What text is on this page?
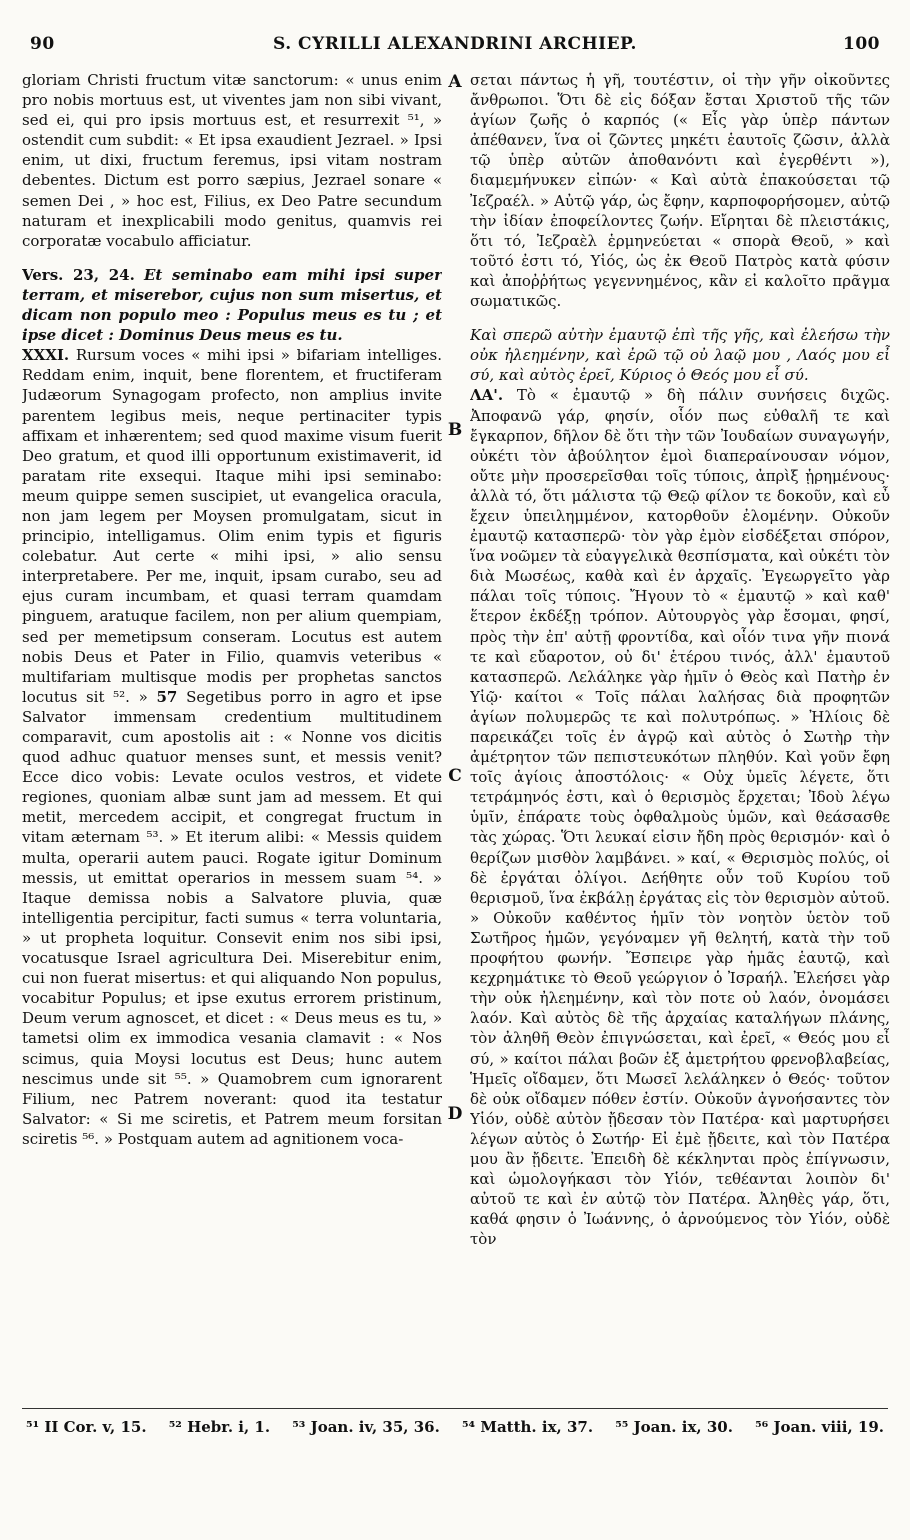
90	S. CYRILLI ALEXANDRINI ARCHIEP.	100

gloriam Christi fructum vitæ sanctorum: « unus enim pro nobis mortuus est, ut viventes jam non sibi vivant, sed ei, qui pro ipsis mortuus est, et resurrexit ⁵¹, » ostendit cum subdit: « Et ipsa exaudient Jezrael. » Ipsi enim, ut dixi, fructum feremus, ipsi vitam nostram debentes. Dictum est porro sæpius, Jezrael sonare « semen Dei , » hoc est, Filius, ex Deo Patre secundum naturam et inexplicabili modo genitus, quamvis rei corporatæ vocabulo afficiatur.

Vers. 23, 24. Et seminabo eam mihi ipsi super terram, et miserebor, cujus non sum misertus, et dicam non populo meo : Populus meus es tu ; et ipse dicet : Dominus Deus meus es tu.

XXXI. Rursum voces « mihi ipsi » bifariam intelliges. Reddam enim, inquit, bene florentem, et fructiferam Judæorum Synagogam profecto, non amplius invite parentem legibus meis, neque pertinaciter typis affixam et inhærentem; sed quod maxime visum fuerit Deo gratum, et quod illi opportunum existimaverit, id paratam rite exsequi. Itaque mihi ipsi seminabo: meum quippe semen suscipiet, ut evangelica oracula, non jam legem per Moysen promulgatam, sicut in principio, intelligamus. Olim enim typis et figuris colebatur. Aut certe « mihi ipsi, » alio sensu interpretabere. Per me, inquit, ipsam curabo, seu ad ejus curam incumbam, et quasi terram quamdam pinguem, aratuque facilem, non per alium quempiam, sed per memetipsum conseram. Locutus est autem nobis Deus et Pater in Filio, quamvis veteribus « multifariam multisque modis per prophetas sanctos locutus sit ⁵². » 57 Segetibus porro in agro et ipse Salvator immensam credentium multitudinem comparavit, cum apostolis ait : « Nonne vos dicitis quod adhuc quatuor menses sunt, et messis venit? Ecce dico vobis: Levate oculos vestros, et videte regiones, quoniam albæ sunt jam ad messem. Et qui metit, mercedem accipit, et congregat fructum in vitam æternam ⁵³. » Et iterum alibi: « Messis quidem multa, operarii autem pauci. Rogate igitur Dominum messis, ut emittat operarios in messem suam ⁵⁴. » Itaque demissa nobis a Salvatore pluvia, quæ intelligentia percipitur, facti sumus « terra voluntaria, » ut propheta loquitur. Consevit enim nos sibi ipsi, vocatusque Israel agricultura Dei. Miserebitur enim, cui non fuerat misertus: et qui aliquando Non populus, vocabitur Populus; et ipse exutus errorem pristinum, Deum verum agnoscet, et dicet : « Deus meus es tu, » tametsi olim ex immodica vesania clamavit : « Nos scimus, quia Moysi locutus est Deus; hunc autem nescimus unde sit ⁵⁵. » Quamobrem cum ignorarent Filium, nec Patrem noverant: quod ita testatur Salvator: « Si me sciretis, et Patrem meum forsitan sciretis ⁵⁶. » Postquam autem ad agnitionem voca-

A
B
C
D

σεται πάντως ἡ γῆ, τουτέστιν, οἱ τὴν γῆν οἰκοῦντες ἄνθρωποι. Ὅτι δὲ εἰς δόξαν ἔσται Χριστοῦ τῆς τῶν ἁγίων ζωῆς ὁ καρπός (« Εἷς γὰρ ὑπὲρ πάντων ἀπέθανεν, ἵνα οἱ ζῶντες μηκέτι ἑαυτοῖς ζῶσιν, ἀλλὰ τῷ ὑπὲρ αὐτῶν ἀποθανόντι καὶ ἐγερθέντι »), διαμεμήνυκεν εἰπών· « Καὶ αὐτὰ ἐπακούσεται τῷ Ἰεζραέλ. » Αὐτῷ γάρ, ὡς ἔφην, καρποφορήσομεν, αὐτῷ τὴν ἰδίαν ἐποφείλοντες ζωήν. Εἴρηται δὲ πλειστάκις, ὅτι τό, Ἰεζραὲλ ἑρμηνεύεται « σπορὰ Θεοῦ, » καὶ τοῦτό ἐστι τό, Υἱός, ὡς ἐκ Θεοῦ Πατρὸς κατὰ φύσιν καὶ ἀποῤῥήτως γεγεννημένος, κἂν εἰ καλοῖτο πρᾶγμα σωματικῶς.

Καὶ σπερῶ αὐτὴν ἐμαυτῷ ἐπὶ τῆς γῆς, καὶ ἐλεήσω τὴν οὐκ ἠλεημένην, καὶ ἐρῶ τῷ οὐ λαῷ μου , Λαός μου εἶ σύ, καὶ αὐτὸς ἐρεῖ, Κύριος ὁ Θεός μου εἶ σύ.

ΛΑ'. Τὸ « ἐμαυτῷ » δὴ πάλιν συνήσεις διχῶς. Ἀποφανῶ γάρ, φησίν, οἷόν πως εὐθαλῆ τε καὶ ἔγκαρπον, δῆλον δὲ ὅτι τὴν τῶν Ἰουδαίων συναγωγήν, οὐκέτι τὸν ἀβούλητον ἐμοὶ διαπεραίνουσαν νόμον, οὔτε μὴν προσερεῖσθαι τοῖς τύποις, ἀπρὶξ ᾑρημένους· ἀλλὰ τό, ὅτι μάλιστα τῷ Θεῷ φίλον τε δοκοῦν, καὶ εὖ ἔχειν ὑπειλημμένον, κατορθοῦν ἐλομένην. Οὐκοῦν ἐμαυτῷ κατασπερῶ· τὸν γὰρ ἐμὸν εἰσδέξεται σπόρον, ἵνα νοῶμεν τὰ εὐαγγελικὰ θεσπίσματα, καὶ οὐκέτι τὸν διὰ Μωσέως, καθὰ καὶ ἐν ἀρχαῖς. Ἐγεωργεῖτο γὰρ πάλαι τοῖς τύποις. Ἤγουν τὸ « ἐμαυτῷ » καὶ καθ' ἕτερον ἐκδέξῃ τρόπον. Αὐτουργὸς γὰρ ἔσομαι, φησί, πρὸς τὴν ἐπ' αὐτῇ φροντίδα, καὶ οἷόν τινα γῆν πιονά τε καὶ εὔαροτον, οὐ δι' ἑτέρου τινός, ἀλλ' ἐμαυτοῦ κατασπερῶ. Λελάληκε γὰρ ἡμῖν ὁ Θεὸς καὶ Πατὴρ ἐν Υἱῷ· καίτοι « Τοῖς πάλαι λαλήσας διὰ προφητῶν ἁγίων πολυμερῶς τε καὶ πολυτρόπως. » Ἠλίοις δὲ παρεικάζει τοῖς ἐν ἀγρῷ καὶ αὐτὸς ὁ Σωτὴρ τὴν ἀμέτρητον τῶν πεπιστευκότων πληθύν. Καὶ γοῦν ἔφη τοῖς ἁγίοις ἀποστόλοις· « Οὐχ ὑμεῖς λέγετε, ὅτι τετράμηνός ἐστι, καὶ ὁ θερισμὸς ἔρχεται; Ἰδοὺ λέγω ὑμῖν, ἐπάρατε τοὺς ὀφθαλμοὺς ὑμῶν, καὶ θεάσασθε τὰς χώρας. Ὅτι λευκαί εἰσιν ἤδη πρὸς θερισμόν· καὶ ὁ θερίζων μισθὸν λαμβάνει. » καί, « Θερισμὸς πολύς, οἱ δὲ ἐργάται ὀλίγοι. Δεήθητε οὖν τοῦ Κυρίου τοῦ θερισμοῦ, ἵνα ἐκβάλῃ ἐργάτας εἰς τὸν θερισμὸν αὐτοῦ. » Οὐκοῦν καθέντος ἡμῖν τὸν νοητὸν ὑετὸν τοῦ Σωτῆρος ἡμῶν, γεγόναμεν γῆ θελητή, κατὰ τὴν τοῦ προφήτου φωνήν. Ἔσπειρε γὰρ ἡμᾶς ἑαυτῷ, καὶ κεχρημάτικε τὸ Θεοῦ γεώργιον ὁ Ἰσραήλ. Ἐλεήσει γὰρ τὴν οὐκ ἠλεημένην, καὶ τὸν ποτε οὐ λαόν, ὀνομάσει λαόν. Καὶ αὐτὸς δὲ τῆς ἀρχαίας καταλήγων πλάνης, τὸν ἀληθῆ Θεὸν ἐπιγνώσεται, καὶ ἐρεῖ, « Θεός μου εἶ σύ, » καίτοι πάλαι βοῶν ἐξ ἀμετρήτου φρενοβλαβείας, Ἡμεῖς οἴδαμεν, ὅτι Μωσεῖ λελάληκεν ὁ Θεός· τοῦτον δὲ οὐκ οἴδαμεν πόθεν ἐστίν. Οὐκοῦν ἀγνοήσαντες τὸν Υἱόν, οὐδὲ αὐτὸν ᾔδεσαν τὸν Πατέρα· καὶ μαρτυρήσει λέγων αὐτὸς ὁ Σωτήρ· Εἰ ἐμὲ ᾔδειτε, καὶ τὸν Πατέρα μου ἂν ᾔδειτε. Ἐπειδὴ δὲ κέκληνται πρὸς ἐπίγνωσιν, καὶ ὡμολογήκασι τὸν Υἱόν, τεθέανται λοιπὸν δι' αὐτοῦ τε καὶ ἐν αὐτῷ τὸν Πατέρα. Ἀληθὲς γάρ, ὅτι, καθά φησιν ὁ Ἰωάννης, ὁ ἀρνούμενος τὸν Υἱόν, οὐδὲ τὸν

⁵¹ II Cor. v, 15. ⁵² Hebr. i, 1. ⁵³ Joan. iv, 35, 36. ⁵⁴ Matth. ix, 37. ⁵⁵ Joan. ix, 30. ⁵⁶ Joan. viii, 19.
